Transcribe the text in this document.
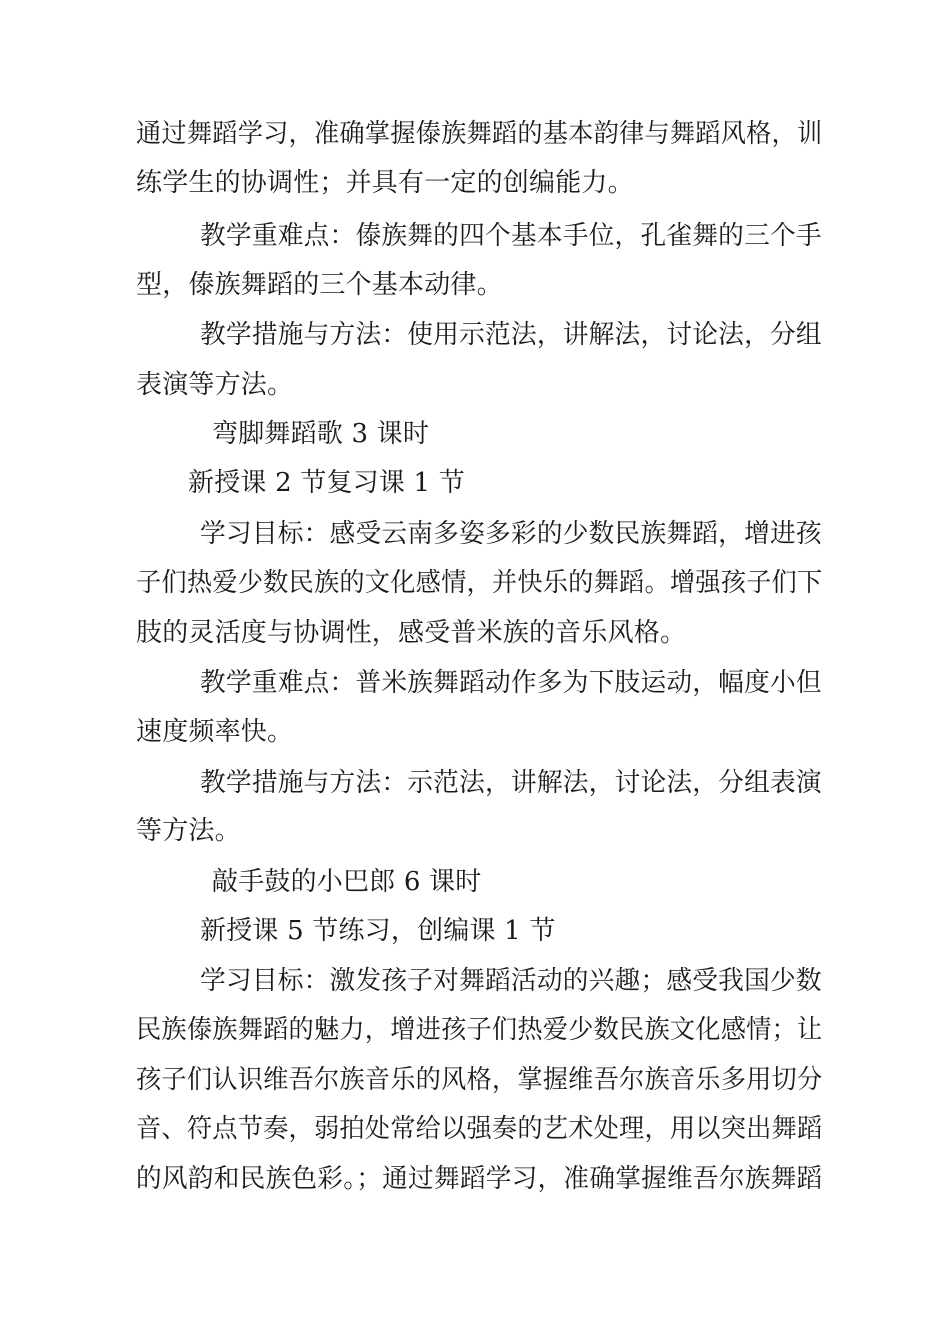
通过舞蹈学习，准确掌握傣族舞蹈的基本韵律与舞蹈风格，训
练学生的协调性；并具有一定的创编能力。
教学重难点：傣族舞的四个基本手位，孔雀舞的三个手
型，傣族舞蹈的三个基本动律。
教学措施与方法：使用示范法，讲解法，讨论法，分组
表演等方法。
弯脚舞蹈歌 3 课时
新授课 2 节复习课 1 节
学习目标：感受云南多姿多彩的少数民族舞蹈，增进孩
子们热爱少数民族的文化感情，并快乐的舞蹈。增强孩子们下
肢的灵活度与协调性，感受普米族的音乐风格。
教学重难点：普米族舞蹈动作多为下肢运动，幅度小但
速度频率快。
教学措施与方法：示范法，讲解法，讨论法，分组表演
等方法。
敲手鼓的小巴郎 6 课时
新授课 5 节练习，创编课 1 节
学习目标：激发孩子对舞蹈活动的兴趣；感受我国少数
民族傣族舞蹈的魅力，增进孩子们热爱少数民族文化感情；让
孩子们认识维吾尔族音乐的风格，掌握维吾尔族音乐多用切分
音、符点节奏，弱拍处常给以强奏的艺术处理，用以突出舞蹈
的风韵和民族色彩。；通过舞蹈学习，准确掌握维吾尔族舞蹈
